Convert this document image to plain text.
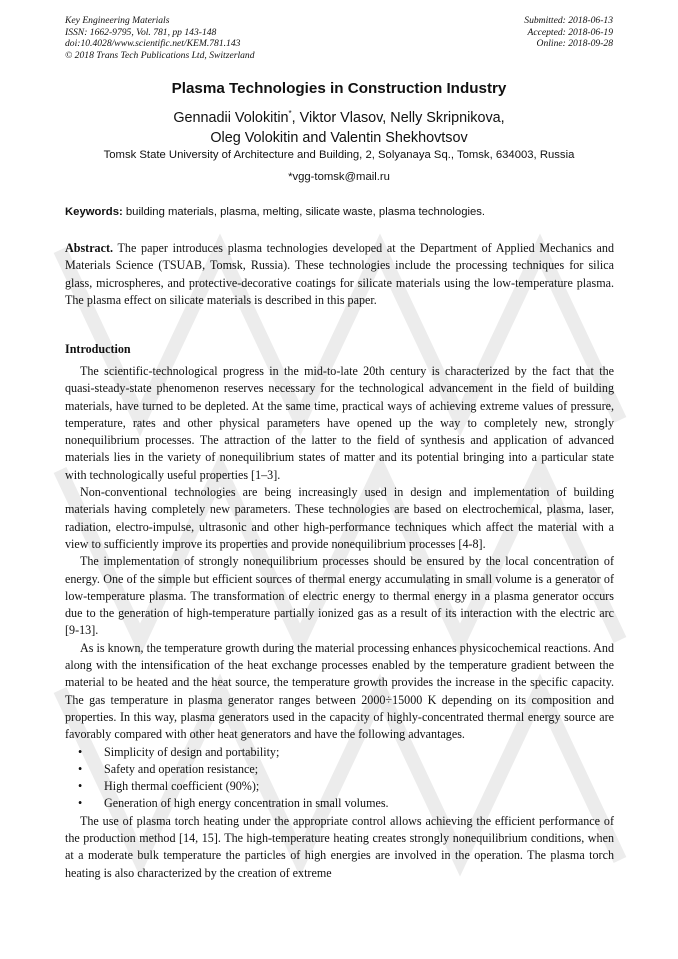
Key Engineering Materials
ISSN: 1662-9795, Vol. 781, pp 143-148
doi:10.4028/www.scientific.net/KEM.781.143
© 2018 Trans Tech Publications Ltd, Switzerland
Submitted: 2018-06-13
Accepted: 2018-06-19
Online: 2018-09-28
Plasma Technologies in Construction Industry
Gennadii Volokitin*, Viktor Vlasov, Nelly Skripnikova,
Oleg Volokitin and Valentin Shekhovtsov
Tomsk State University of Architecture and Building, 2, Solyanaya Sq., Tomsk, 634003, Russia
*vgg-tomsk@mail.ru
Keywords: building materials, plasma, melting, silicate waste, plasma technologies.

Abstract. The paper introduces plasma technologies developed at the Department of Applied Mechanics and Materials Science (TSUAB, Tomsk, Russia). These technologies include the processing techniques for silica glass, microspheres, and protective-decorative coatings for silicate materials using the low-temperature plasma. The plasma effect on silicate materials is described in this paper.

Introduction

The scientific-technological progress in the mid-to-late 20th century is characterized by the fact that the quasi-steady-state phenomenon reserves necessary for the technological advancement in the field of building materials, have turned to be depleted. At the same time, practical ways of achieving extreme values of pressure, temperature, rates and other physical parameters have opened up the way to completely new, strongly nonequilibrium processes. The attraction of the latter to the field of synthesis and application of advanced materials lies in the variety of nonequilibrium states of matter and its potential bringing into a particular state with technologically useful properties [1–3].

Non-conventional technologies are being increasingly used in design and implementation of building materials having completely new parameters. These technologies are based on electrochemical, plasma, laser, radiation, electro-impulse, ultrasonic and other high-performance techniques which affect the material with a view to sufficiently improve its properties and provide nonequilibrium processes [4-8].

The implementation of strongly nonequilibrium processes should be ensured by the local concentration of energy. One of the simple but efficient sources of thermal energy accumulating in small volume is a generator of low-temperature plasma. The transformation of electric energy to thermal energy in a plasma generator occurs due to the generation of high-temperature partially ionized gas as a result of its interaction with the electric arc [9-13].

As is known, the temperature growth during the material processing enhances physicochemical reactions. And along with the intensification of the heat exchange processes enabled by the temperature gradient between the material to be heated and the heat source, the temperature growth provides the increase in the specific capacity. The gas temperature in plasma generator ranges between 2000÷15000 K depending on its composition and properties. In this way, plasma generators used in the capacity of highly-concentrated thermal energy source are favorably compared with other heat generators and have the following advantages.

• Simplicity of design and portability;
• Safety and operation resistance;
• High thermal coefficient (90%);
• Generation of high energy concentration in small volumes.

The use of plasma torch heating under the appropriate control allows achieving the efficient performance of the production method [14, 15]. The high-temperature heating creates strongly nonequilibrium conditions, when at a moderate bulk temperature the particles of high energies are involved in the operation. The plasma torch heating is also characterized by the creation of extreme
